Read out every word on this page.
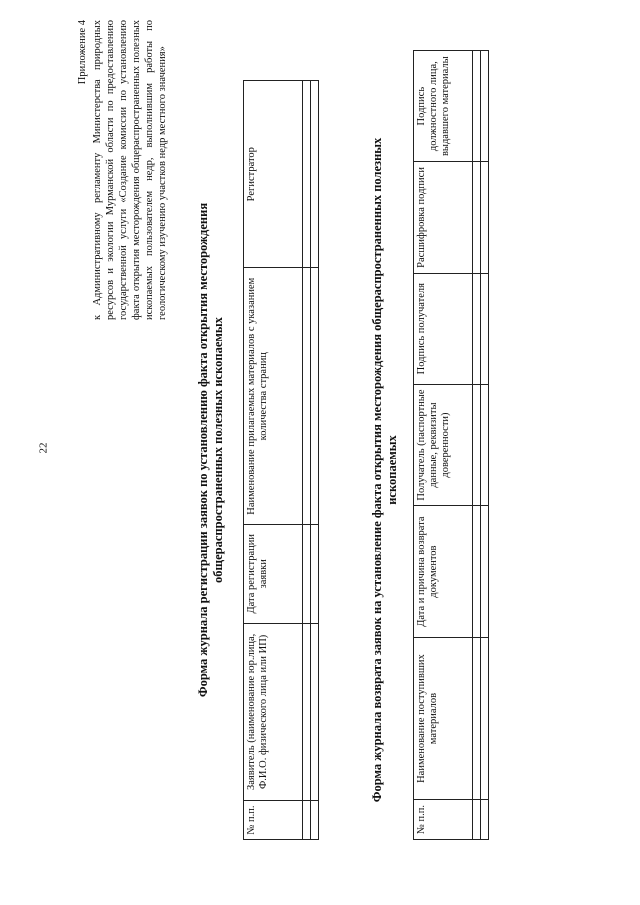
22
Приложение 4 к Административному регламенту Министерства природных ресурсов и экологии Мурманской области по предоставлению государственной услуги «Создание комиссии по установлению факта открытия месторождения общераспространенных полезных ископаемых пользователем недр, выполнившим работы по геологическому изучению участков недр местного значения»
Форма журнала регистрации заявок по установлению факта открытия месторождения общераспространенных полезных ископаемых
№ п.п.	Заявитель (наименование юр.лица, Ф.И.О. физического лица или ИП)	Дата регистрации заявки	Наименование прилагаемых материалов с указанием количества страниц	Регистратор

					Форма журнала возврата заявок на установление факта открытия месторождения общераспространенных полезных ископаемых
№ п.п.	Наименование поступивших материалов	Дата и причина возврата документов	Получатель (паспортные данные, реквизиты доверенности)	Подпись получателя	Расшифровка подписи	Подпись должностного лица, выдавшего материалы
